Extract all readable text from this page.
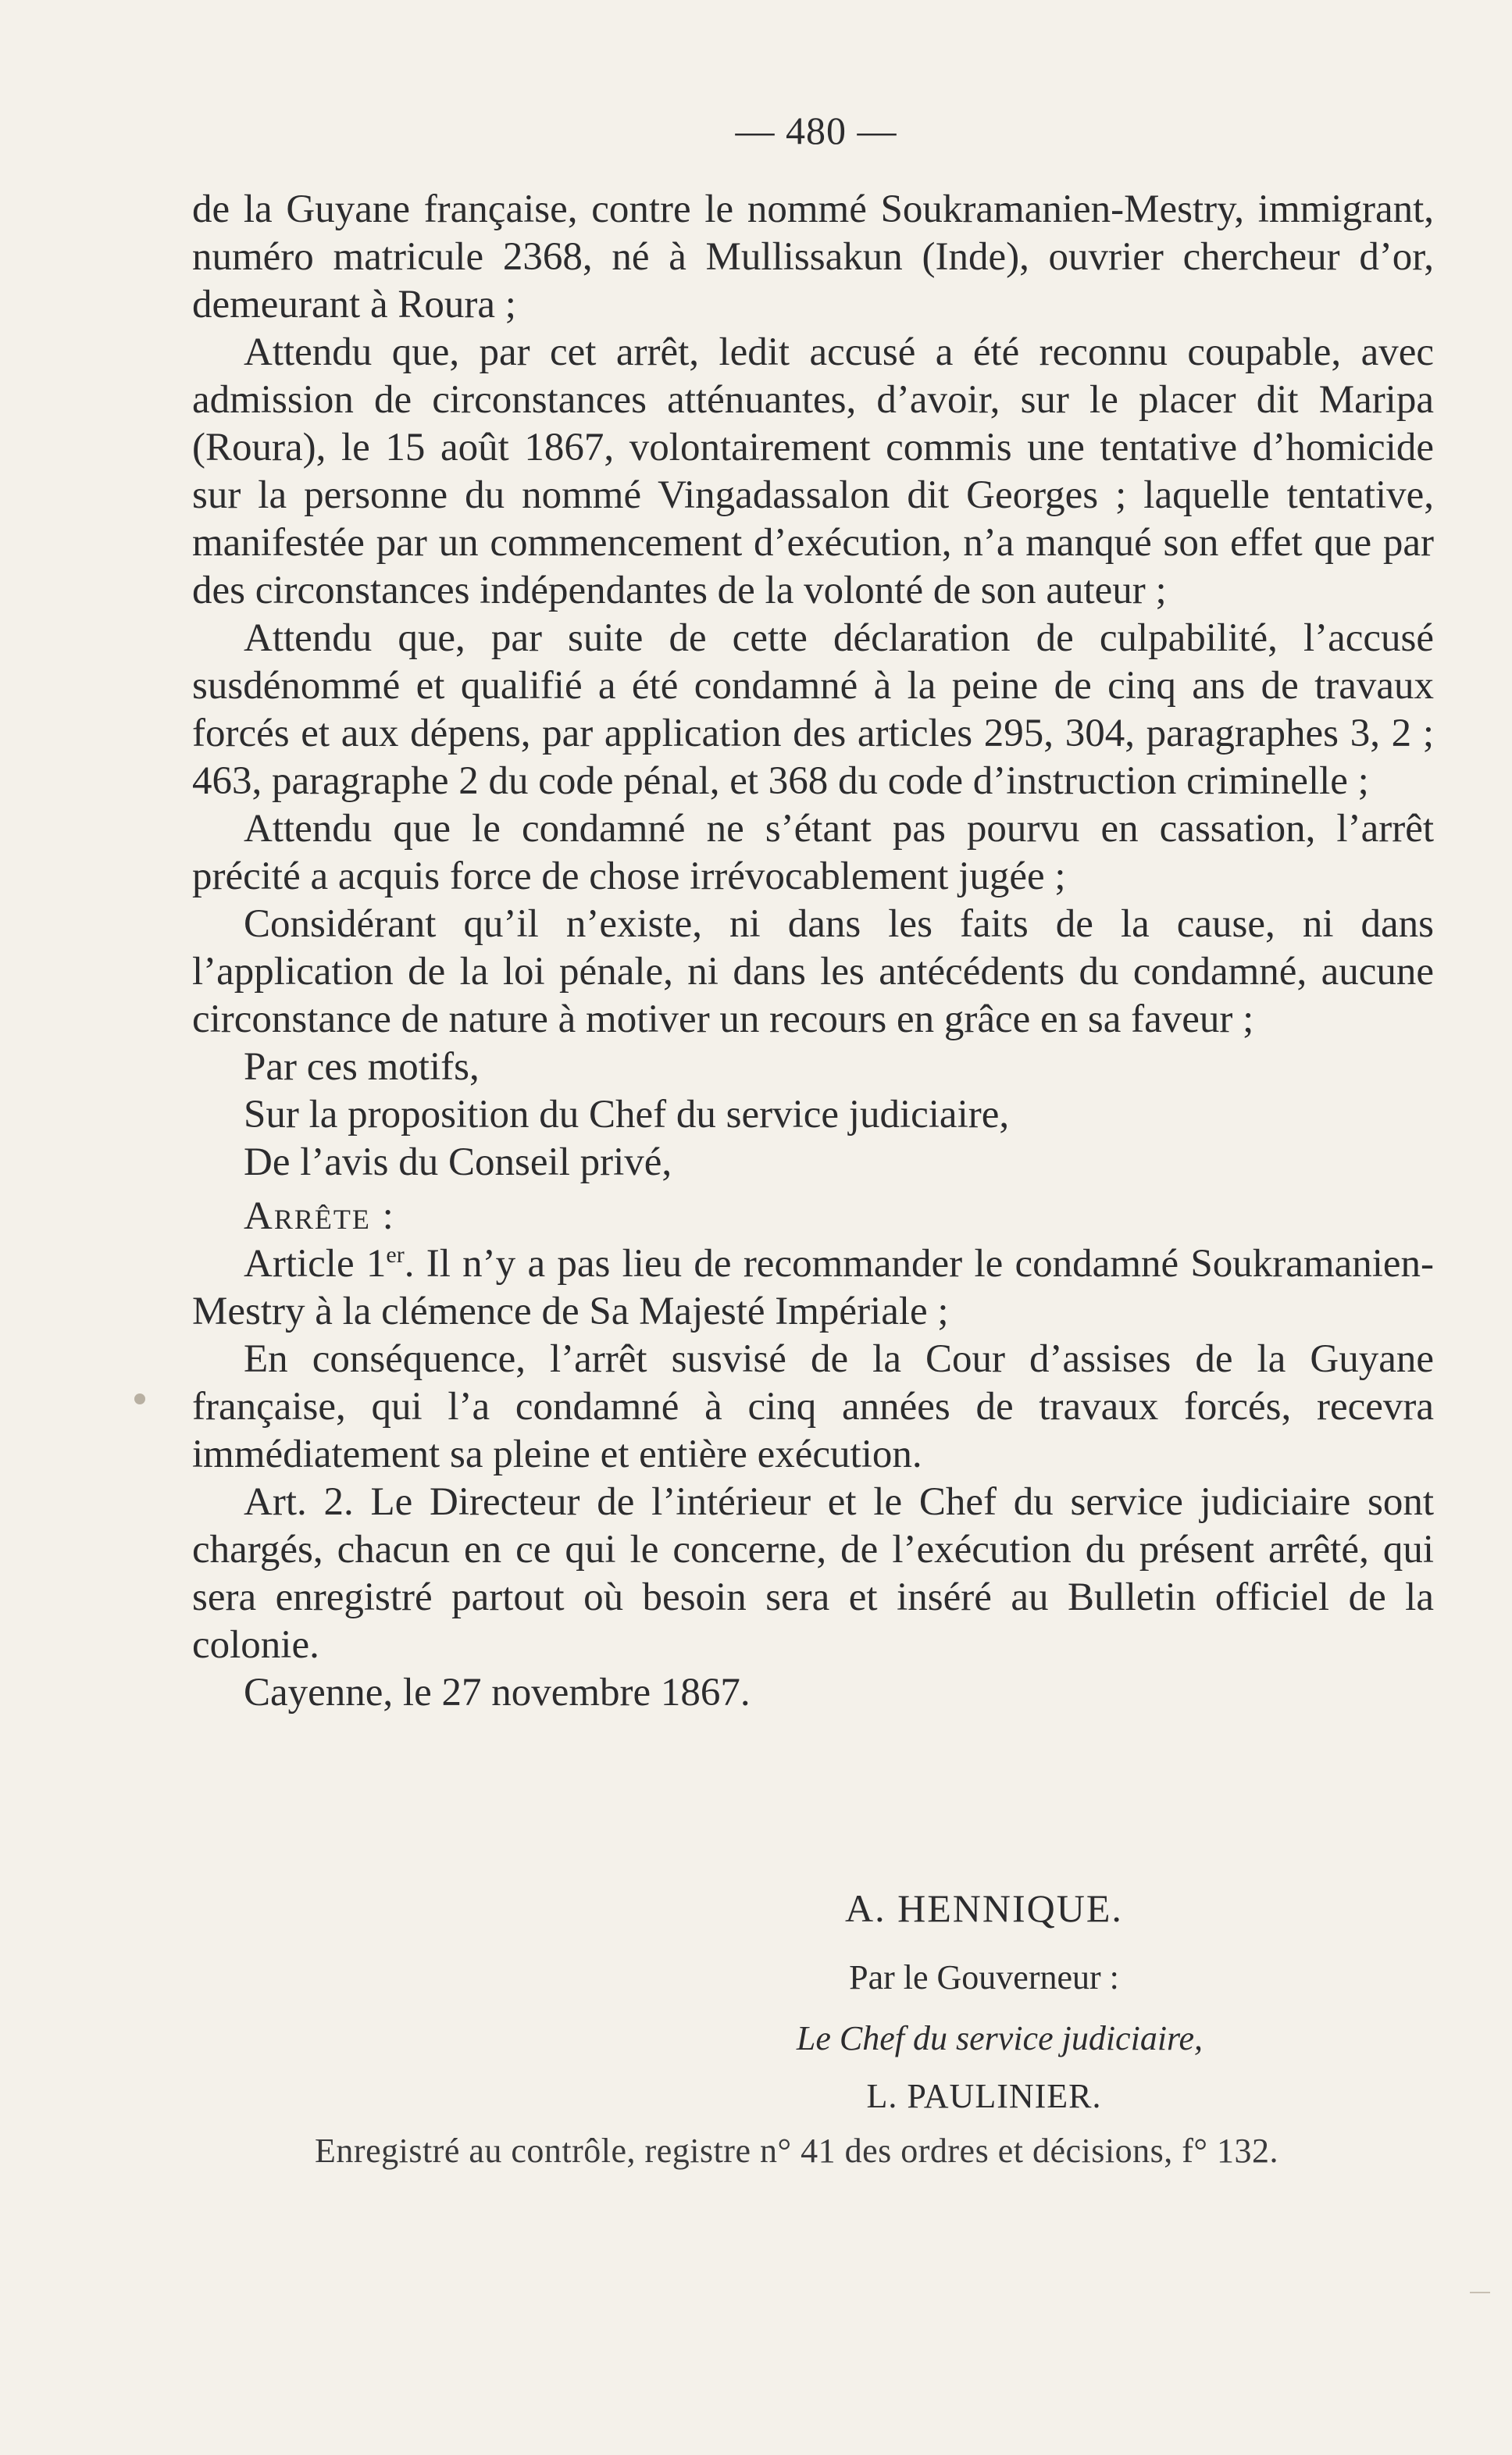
— 480 —

de la Guyane française, contre le nommé Soukramanien-Mestry, immigrant, numéro matricule 2368, né à Mullissakun (Inde), ouvrier chercheur d’or, demeurant à Roura ;

Attendu que, par cet arrêt, ledit accusé a été reconnu coupable, avec admission de circonstances atténuantes, d’avoir, sur le placer dit Maripa (Roura), le 15 août 1867, volontairement commis une tentative d’homicide sur la personne du nommé Vingadassalon dit Georges ; laquelle tentative, manifestée par un commencement d’exécution, n’a manqué son effet que par des circonstances indépendantes de la volonté de son auteur ;

Attendu que, par suite de cette déclaration de culpabilité, l’accusé susdénommé et qualifié a été condamné à la peine de cinq ans de travaux forcés et aux dépens, par application des articles 295, 304, paragraphes 3, 2 ; 463, paragraphe 2 du code pénal, et 368 du code d’instruction criminelle ;

Attendu que le condamné ne s’étant pas pourvu en cassation, l’arrêt précité a acquis force de chose irrévocablement jugée ;

Considérant qu’il n’existe, ni dans les faits de la cause, ni dans l’application de la loi pénale, ni dans les antécédents du condamné, aucune circonstance de nature à motiver un recours en grâce en sa faveur ;

Par ces motifs,

Sur la proposition du Chef du service judiciaire,

De l’avis du Conseil privé,

Arrête :

Article 1er. Il n’y a pas lieu de recommander le condamné Soukramanien-Mestry à la clémence de Sa Majesté Impériale ;

En conséquence, l’arrêt susvisé de la Cour d’assises de la Guyane française, qui l’a condamné à cinq années de travaux forcés, recevra immédiatement sa pleine et entière exécution.

Art. 2. Le Directeur de l’intérieur et le Chef du service judiciaire sont chargés, chacun en ce qui le concerne, de l’exécution du présent arrêté, qui sera enregistré partout où besoin sera et inséré au Bulletin officiel de la colonie.

Cayenne, le 27 novembre 1867.

A. HENNIQUE.
Par le Gouverneur :
Le Chef du service judiciaire,
L. PAULINIER.
Enregistré au contrôle, registre n° 41 des ordres et décisions, f° 132.
